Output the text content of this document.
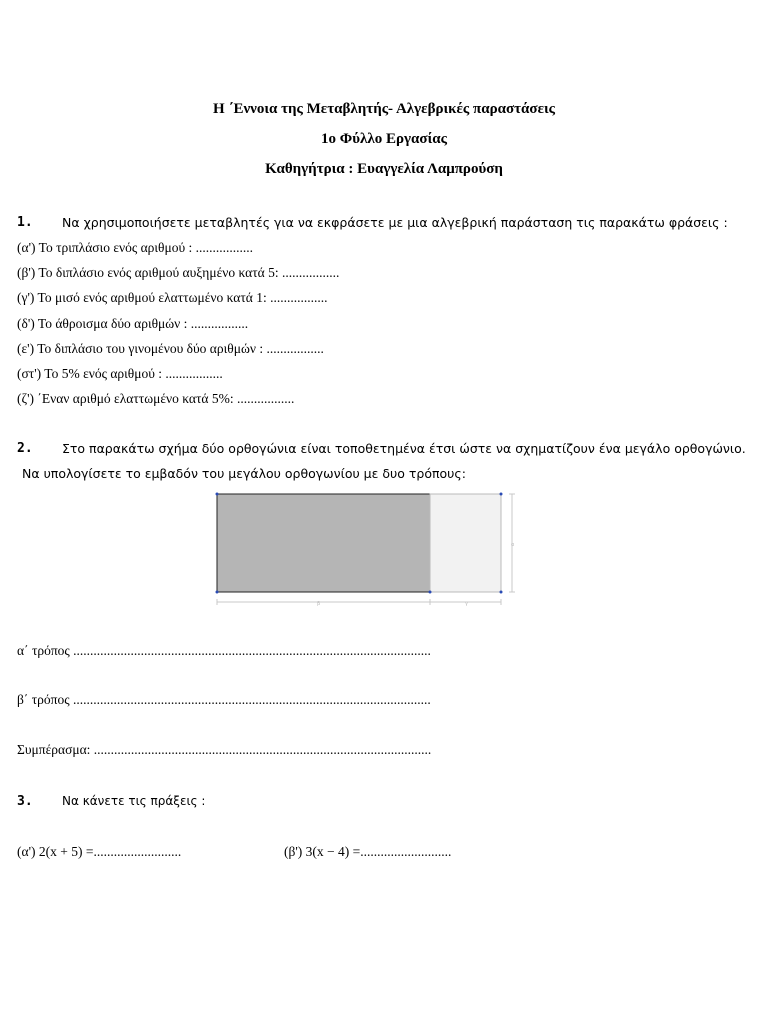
Η ΄Εννοια της Μεταβλητής- Αλγεβρικές παραστάσεις
1ο Φύλλο Εργασίας
Καθηγήτρια : Ευαγγελία Λαμπρούση

1. Να χρησιμοποιήσετε μεταβλητές για να εκφράσετε με μια αλγεβρική παράσταση τις παρακάτω φράσεις :

(α') Το τριπλάσιο ενός αριθμού : .................

(β') Το διπλάσιο ενός αριθμού αυξημένο κατά 5: .................

(γ') Το μισό ενός αριθμού ελαττωμένο κατά 1: .................

(δ') Το άθροισμα δύο αριθμών : .................

(ε') Το διπλάσιο του γινομένου δύο αριθμών : .................

(στ') Το 5% ενός αριθμού : .................

(ζ') ΄Εναν αριθμό ελαττωμένο κατά 5%: .................

2. Στο παρακάτω σχήμα δύο ορθογώνια είναι τοποθετημένα έτσι ώστε να σχηματίζουν ένα μεγάλο ορθογώνιο.

Να υπολογίσετε το εμβαδόν του μεγάλου ορθογωνίου με δυο τρόπους:

α
β	γ

α΄ τρόπος ..........................................................................................................

β΄ τρόπος ..........................................................................................................

Συμπέρασμα: ....................................................................................................

3. Να κάνετε τις πράξεις :

(α') 2(x + 5) =..........................	(β') 3(x − 4) =...........................
